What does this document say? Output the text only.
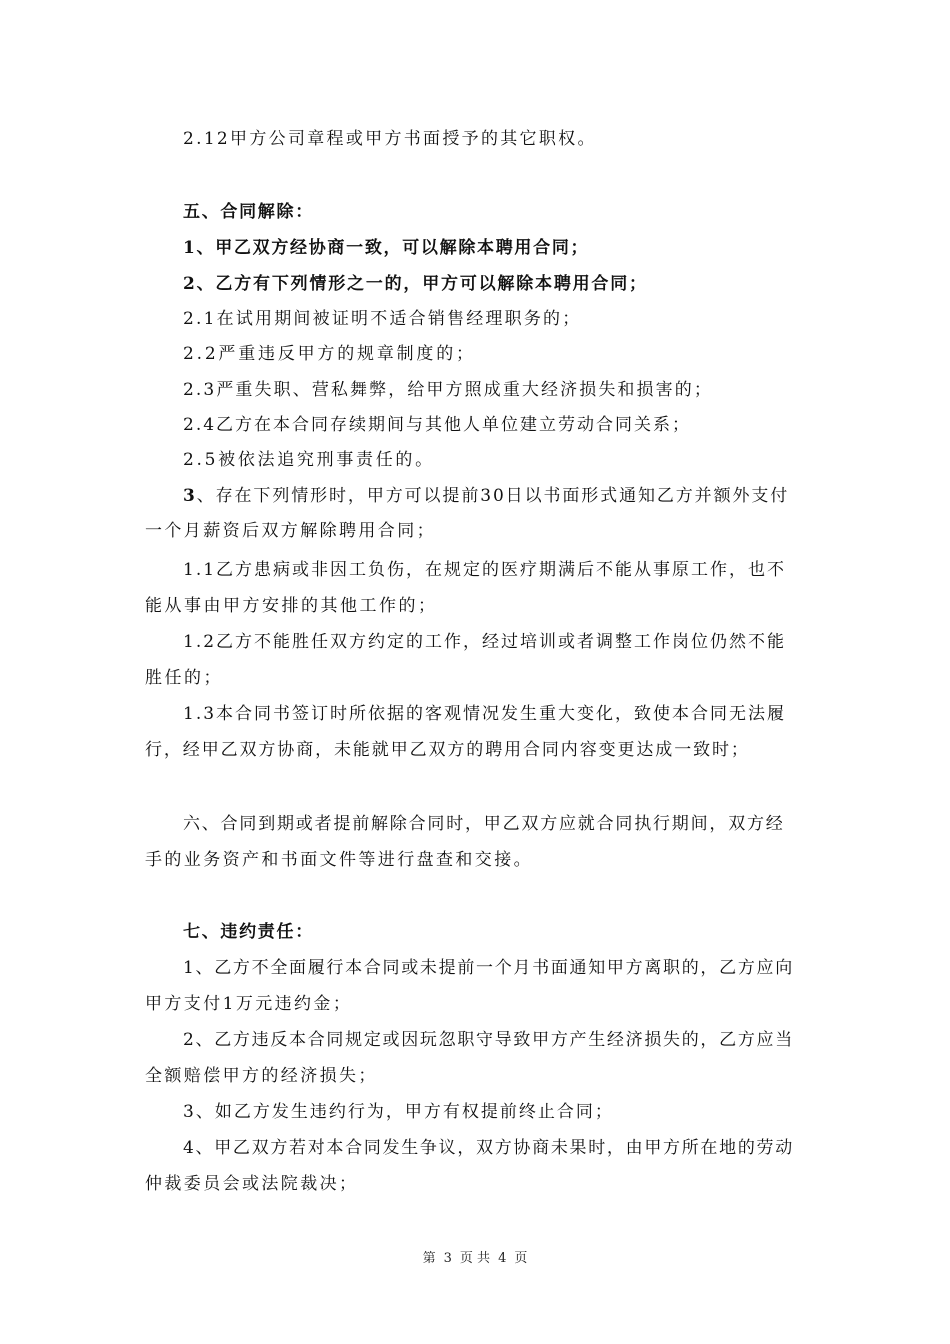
2.12甲方公司章程或甲方书面授予的其它职权。
五、合同解除：
1、甲乙双方经协商一致，可以解除本聘用合同；
2、乙方有下列情形之一的，甲方可以解除本聘用合同；
2.1在试用期间被证明不适合销售经理职务的；
2.2严重违反甲方的规章制度的；
2.3严重失职、营私舞弊，给甲方照成重大经济损失和损害的；
2.4乙方在本合同存续期间与其他人单位建立劳动合同关系；
2.5被依法追究刑事责任的。
3、存在下列情形时，甲方可以提前30日以书面形式通知乙方并额外支付
一个月薪资后双方解除聘用合同；
1.1乙方患病或非因工负伤，在规定的医疗期满后不能从事原工作，也不
能从事由甲方安排的其他工作的；
1.2乙方不能胜任双方约定的工作，经过培训或者调整工作岗位仍然不能
胜任的；
1.3本合同书签订时所依据的客观情况发生重大变化，致使本合同无法履
行，经甲乙双方协商，未能就甲乙双方的聘用合同内容变更达成一致时；
六、合同到期或者提前解除合同时，甲乙双方应就合同执行期间，双方经
手的业务资产和书面文件等进行盘查和交接。
七、违约责任：
1、乙方不全面履行本合同或未提前一个月书面通知甲方离职的，乙方应向
甲方支付1万元违约金；
2、乙方违反本合同规定或因玩忽职守导致甲方产生经济损失的，乙方应当
全额赔偿甲方的经济损失；
3、如乙方发生违约行为，甲方有权提前终止合同；
4、甲乙双方若对本合同发生争议，双方协商未果时，由甲方所在地的劳动
仲裁委员会或法院裁决；
第 3 页 共 4 页
